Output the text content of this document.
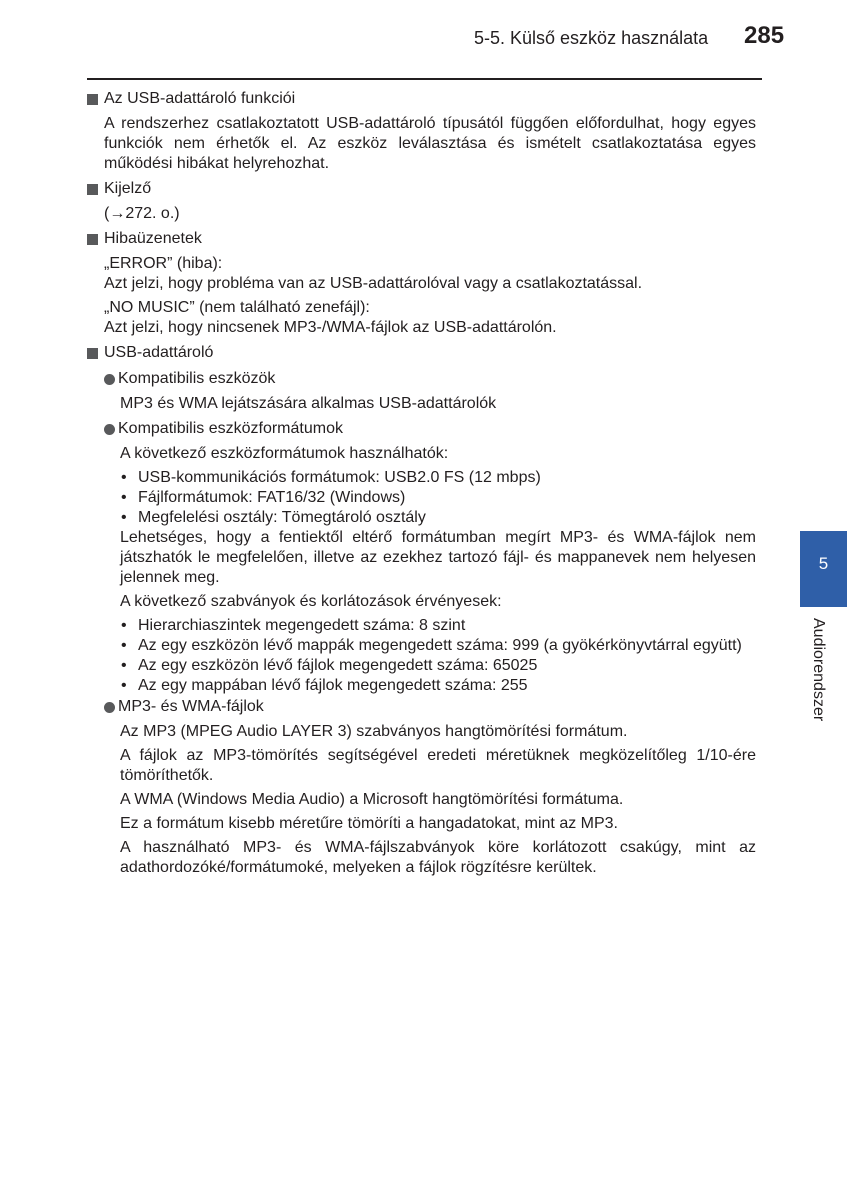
5-5. Külső eszköz használata 285
5
Audiorendszer
Az USB-adattároló funkciói
A rendszerhez csatlakoztatott USB-adattároló típusától függően előfordulhat, hogy egyes funkciók nem érhetők el. Az eszköz leválasztása és ismételt csatlakoztatása egyes működési hibákat helyrehozhat.
Kijelző
(→272. o.)
Hibaüzenetek
„ERROR” (hiba):
Azt jelzi, hogy probléma van az USB-adattárolóval vagy a csatlakoztatással.
„NO MUSIC” (nem található zenefájl):
Azt jelzi, hogy nincsenek MP3-/WMA-fájlok az USB-adattárolón.
USB-adattároló
Kompatibilis eszközök
MP3 és WMA lejátszására alkalmas USB-adattárolók
Kompatibilis eszközformátumok
A következő eszközformátumok használhatók:
• USB-kommunikációs formátumok: USB2.0 FS (12 mbps)
• Fájlformátumok: FAT16/32 (Windows)
• Megfelelési osztály: Tömegtároló osztály
Lehetséges, hogy a fentiektől eltérő formátumban megírt MP3- és WMA-fájlok nem játszhatók le megfelelően, illetve az ezekhez tartozó fájl- és mappanevek nem helyesen jelennek meg.
A következő szabványok és korlátozások érvényesek:
• Hierarchiaszintek megengedett száma: 8 szint
• Az egy eszközön lévő mappák megengedett száma: 999 (a gyökérkönyvtárral együtt)
• Az egy eszközön lévő fájlok megengedett száma: 65025
• Az egy mappában lévő fájlok megengedett száma: 255
MP3- és WMA-fájlok
Az MP3 (MPEG Audio LAYER 3) szabványos hangtömörítési formátum.
A fájlok az MP3-tömörítés segítségével eredeti méretüknek megközelítőleg 1/10-ére tömöríthetők.
A WMA (Windows Media Audio) a Microsoft hangtömörítési formátuma.
Ez a formátum kisebb méretűre tömöríti a hangadatokat, mint az MP3.
A használható MP3- és WMA-fájlszabványok köre korlátozott csakúgy, mint az adathordozóké/formátumoké, melyeken a fájlok rögzítésre kerültek.
